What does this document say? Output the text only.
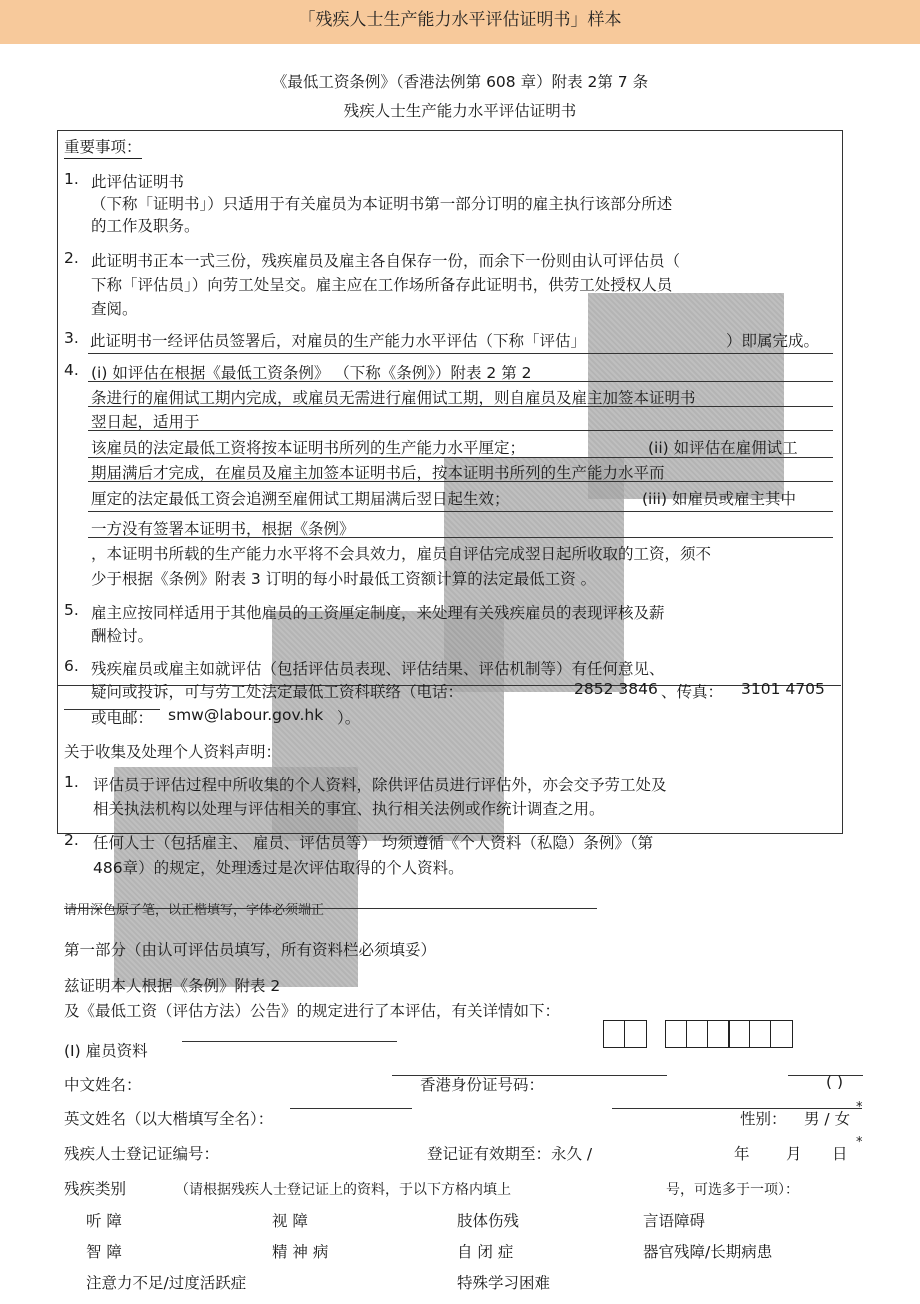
「残疾人士生产能力水平评估证明书」样本
《最低工资条例》（香港法例第 608 章）附表 2第 7 条
残疾人士生产能力水平评估证明书
重要事项：
1. 此评估证明书
（下称「证明书」）只适用于有关雇员为本证明书第一部分订明的雇主执行该部分所述
的工作及职务。
2. 此证明书正本一式三份，残疾雇员及雇主各自保存一份，而余下一份则由认可评估员（
下称「评估员」）向劳工处呈交。雇主应在工作场所备存此证明书，供劳工处授权人员
查阅。
3. 此证明书一经评估员签署后，对雇员的生产能力水平评估（下称「评估」	）即属完成。
4. (i) 如评估在根据《最低工资条例》 （下称《条例》）附表 2 第 2
条进行的雇佣试工期内完成，或雇员无需进行雇佣试工期，则自雇员及雇主加签本证明书
翌日起，适用于
该雇员的法定最低工资将按本证明书所列的生产能力水平厘定；	(ii) 如评估在雇佣试工
期届满后才完成，在雇员及雇主加签本证明书后，按本证明书所列的生产能力水平而
厘定的法定最低工资会追溯至雇佣试工期届满后翌日起生效；	(iii) 如雇员或雇主其中
一方没有签署本证明书，根据《条例》
，本证明书所载的生产能力水平将不会具效力，雇员自评估完成翌日起所收取的工资，须不
少于根据《条例》附表 3 订明的每小时最低工资额计算的法定最低工资 。
5. 雇主应按同样适用于其他雇员的工资厘定制度，来处理有关残疾雇员的表现评核及薪
酬检讨。
6. 残疾雇员或雇主如就评估（包括评估员表现、评估结果、评估机制等）有任何意见、
疑问或投诉，可与劳工处法定最低工资科联络（电话：	2852 3846 、传真： 3101 4705
或电邮： smw@labour.gov.hk ）。
关于收集及处理个人资料声明：
1. 评估员于评估过程中所收集的个人资料，除供评估员进行评估外，亦会交予劳工处及
相关执法机构以处理与评估相关的事宜、执行相关法例或作统计调查之用。
2. 任何人士（包括雇主、 雇员、评估员等） 均须遵循《个人资料（私隐）条例》（第
486章）的规定，处理透过是次评估取得的个人资料。
请用深色原子笔，以正楷填写，字体必须端正
第一部分（由认可评估员填写，所有资料栏必须填妥）
兹证明本人根据《条例》附表 2
及《最低工资（评估方法）公告》的规定进行了本评估，有关详情如下：
(I) 雇员资料
中文姓名：	香港身份证号码：	( )
英文姓名（以大楷填写全名）：	性别： 男 / 女
*
残疾人士登记证编号：	登记证有效期至：永久 /	年 月 日
*
残疾类别	（请根据残疾人士登记证上的资料，于以下方格内填上	号，可选多于一项）：
听 障	视 障	肢体伤残	言语障碍
智 障	精 神 病	自 闭 症	器官残障/长期病患
注意力不足/过度活跃症	特殊学习困难
